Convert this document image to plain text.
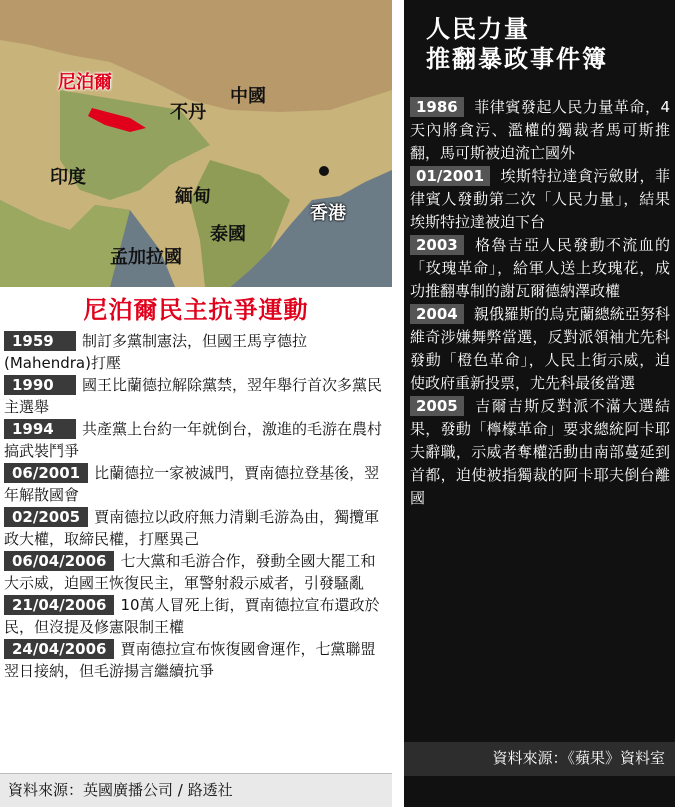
尼泊爾
不丹
中國
印度
緬甸
香港
泰國
孟加拉國
尼泊爾民主抗爭運動
1959 制訂多黨制憲法，但國王馬亨德拉(Mahendra)打壓
1990 國王比蘭德拉解除黨禁，翌年舉行首次多黨民主選舉
1994 共產黨上台約一年就倒台，激進的毛游在農村搞武裝鬥爭
06/2001 比蘭德拉一家被滅門，賈南德拉登基後，翌年解散國會
02/2005 賈南德拉以政府無力清剿毛游為由，獨攬軍政大權，取締民權，打壓異己
06/04/2006 七大黨和毛游合作，發動全國大罷工和大示威，迫國王恢復民主，軍警射殺示威者，引發騷亂
21/04/2006 10萬人冒死上街，賈南德拉宣布還政於民，但沒提及修憲限制王權
24/04/2006 賈南德拉宣布恢復國會運作，七黨聯盟翌日接納，但毛游揚言繼續抗爭
資料來源：英國廣播公司 / 路透社
人民力量
推翻暴政事件簿
1986 菲律賓發起人民力量革命，4天內將貪污、濫權的獨裁者馬可斯推翻，馬可斯被迫流亡國外
01/2001 埃斯特拉達貪污斂財，菲律賓人發動第二次「人民力量」，結果埃斯特拉達被迫下台
2003 格魯吉亞人民發動不流血的「玫瑰革命」，給軍人送上玫瑰花，成功推翻專制的謝瓦爾德納澤政權
2004 親俄羅斯的烏克蘭總統亞努科維奇涉嫌舞弊當選，反對派領袖尤先科發動「橙色革命」，人民上街示威，迫使政府重新投票，尤先科最後當選
2005 吉爾吉斯反對派不滿大選結果，發動「檸檬革命」要求總統阿卡耶夫辭職，示威者奪權活動由南部蔓延到首都，迫使被指獨裁的阿卡耶夫倒台離國
資料來源：《蘋果》資料室
